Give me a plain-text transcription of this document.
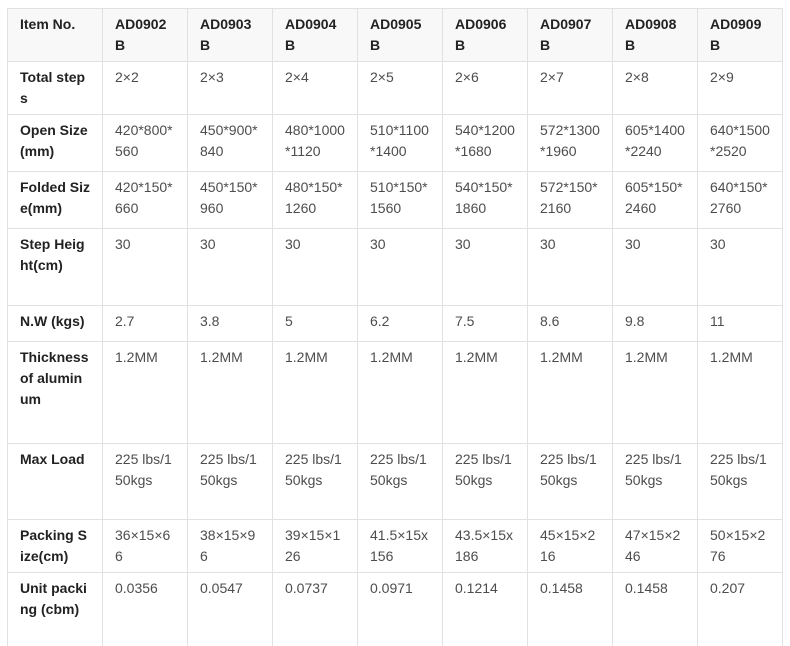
Item No.	AD0902B	AD0903B	AD0904B	AD0905B	AD0906B	AD0907B	AD0908B	AD0909B
Total steps	2×2	2×3	2×4	2×5	2×6	2×7	2×8	2×9
Open Size(mm)	420*800*560	450*900*840	480*1000*1120	510*1100*1400	540*1200*1680	572*1300*1960	605*1400*2240	640*1500*2520
Folded Size(mm)	420*150*660	450*150*960	480*150*1260	510*150*1560	540*150*1860	572*150*2160	605*150*2460	640*150*2760
Step Height(cm)	30	30	30	30	30	30	30	30
N.W (kgs)	2.7	3.8	5	6.2	7.5	8.6	9.8	11
Thickness of aluminum	1.2MM	1.2MM	1.2MM	1.2MM	1.2MM	1.2MM	1.2MM	1.2MM
Max Load	225 lbs/150kgs	225 lbs/150kgs	225 lbs/150kgs	225 lbs/150kgs	225 lbs/150kgs	225 lbs/150kgs	225 lbs/150kgs	225 lbs/150kgs
Packing Size(cm)	36×15×66	38×15×96	39×15×126	41.5×15x156	43.5×15x186	45×15×216	47×15×246	50×15×276
Unit packing (cbm)	0.0356	0.0547	0.0737	0.0971	0.1214	0.1458	0.1458	0.207
